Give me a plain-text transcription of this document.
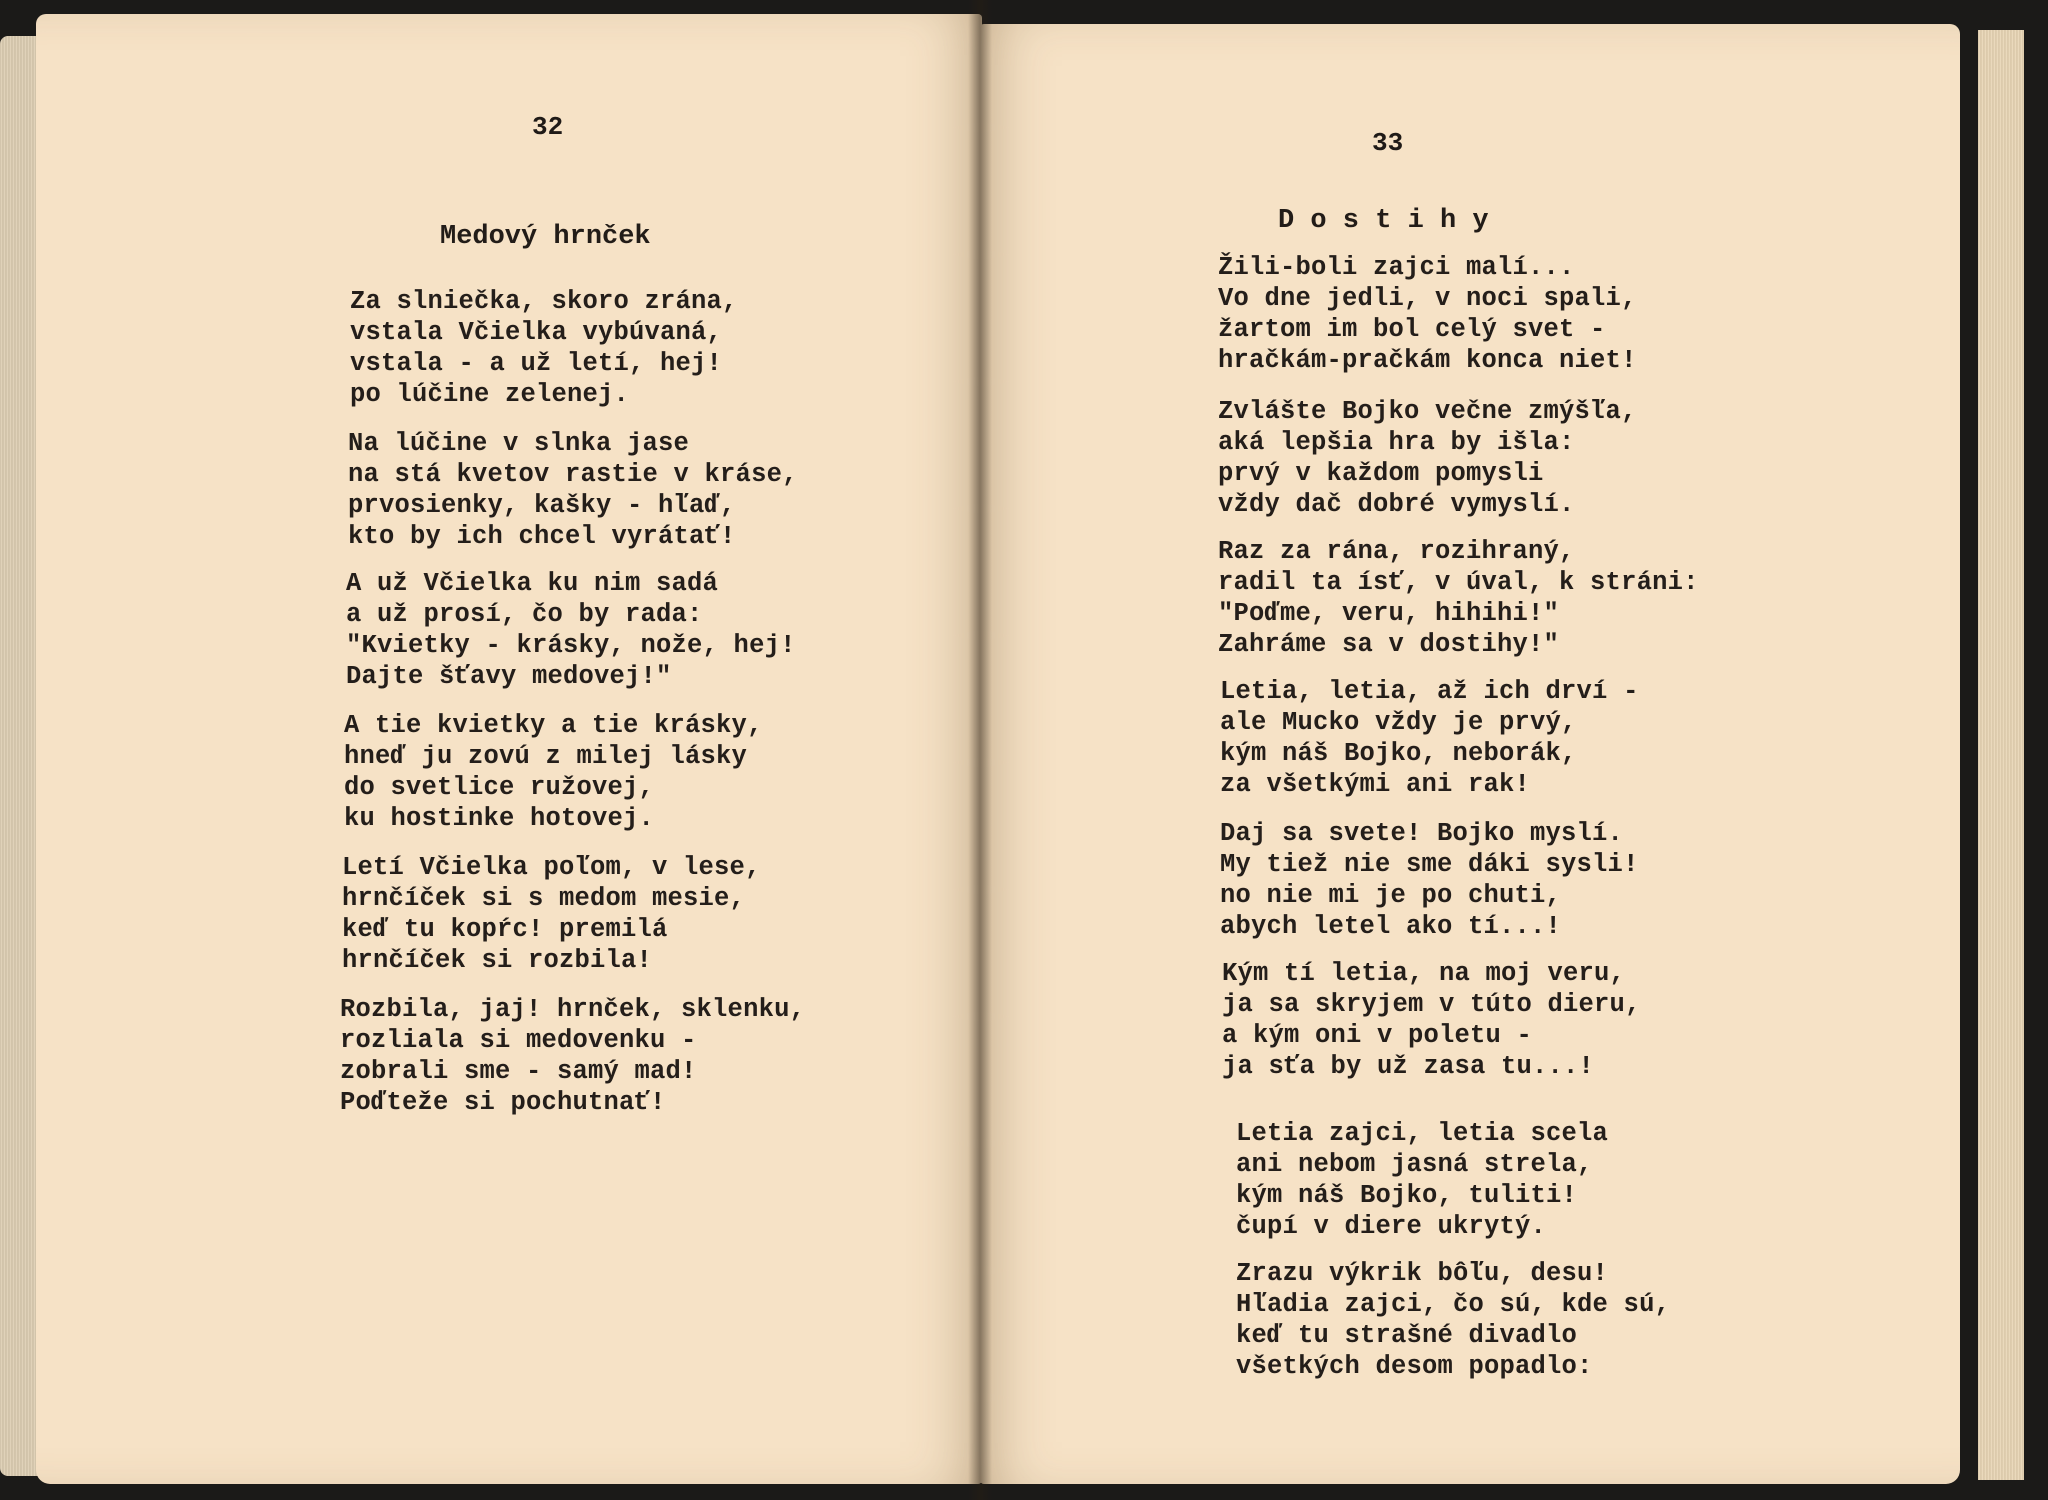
32
Medový hrnček
Za slniečka, skoro zrána,
vstala Včielka vybúvaná,
vstala - a už letí, hej!
po lúčine zelenej.
Na lúčine v slnka jase
na stá kvetov rastie v kráse,
prvosienky, kašky - hľaď,
kto by ich chcel vyrátať!
A už Včielka ku nim sadá
a už prosí, čo by rada:
"Kvietky - krásky, nože, hej!
Dajte šťavy medovej!"
A tie kvietky a tie krásky,
hneď ju zovú z milej lásky
do svetlice ružovej,
ku hostinke hotovej.
Letí Včielka poľom, v lese,
hrnčíček si s medom mesie,
keď tu kopŕc! premilá
hrnčíček si rozbila!
Rozbila, jaj! hrnček, sklenku,
rozliala si medovenku -
zobrali sme - samý mad!
Poďteže si pochutnať!
33
D o s t i h y
Žili-boli zajci malí...
Vo dne jedli, v noci spali,
žartom im bol celý svet -
hračkám-pračkám konca niet!
Zvlášte Bojko večne zmýšľa,
aká lepšia hra by išla:
prvý v každom pomysli
vždy dač dobré vymyslí.
Raz za rána, rozihraný,
radil ta ísť, v úval, k stráni:
"Poďme, veru, hihihi!"
Zahráme sa v dostihy!"
Letia, letia, až ich drví -
ale Mucko vždy je prvý,
kým náš Bojko, neborák,
za všetkými ani rak!
Daj sa svete! Bojko myslí.
My tiež nie sme dáki sysli!
no nie mi je po chuti,
abych letel ako tí...!
Kým tí letia, na moj veru,
ja sa skryjem v túto dieru,
a kým oni v poletu -
ja sťa by už zasa tu...!
Letia zajci, letia scela
ani nebom jasná strela,
kým náš Bojko, tuliti!
čupí v diere ukrytý.
Zrazu výkrik bôľu, desu!
Hľadia zajci, čo sú, kde sú,
keď tu strašné divadlo
všetkých desom popadlo:
